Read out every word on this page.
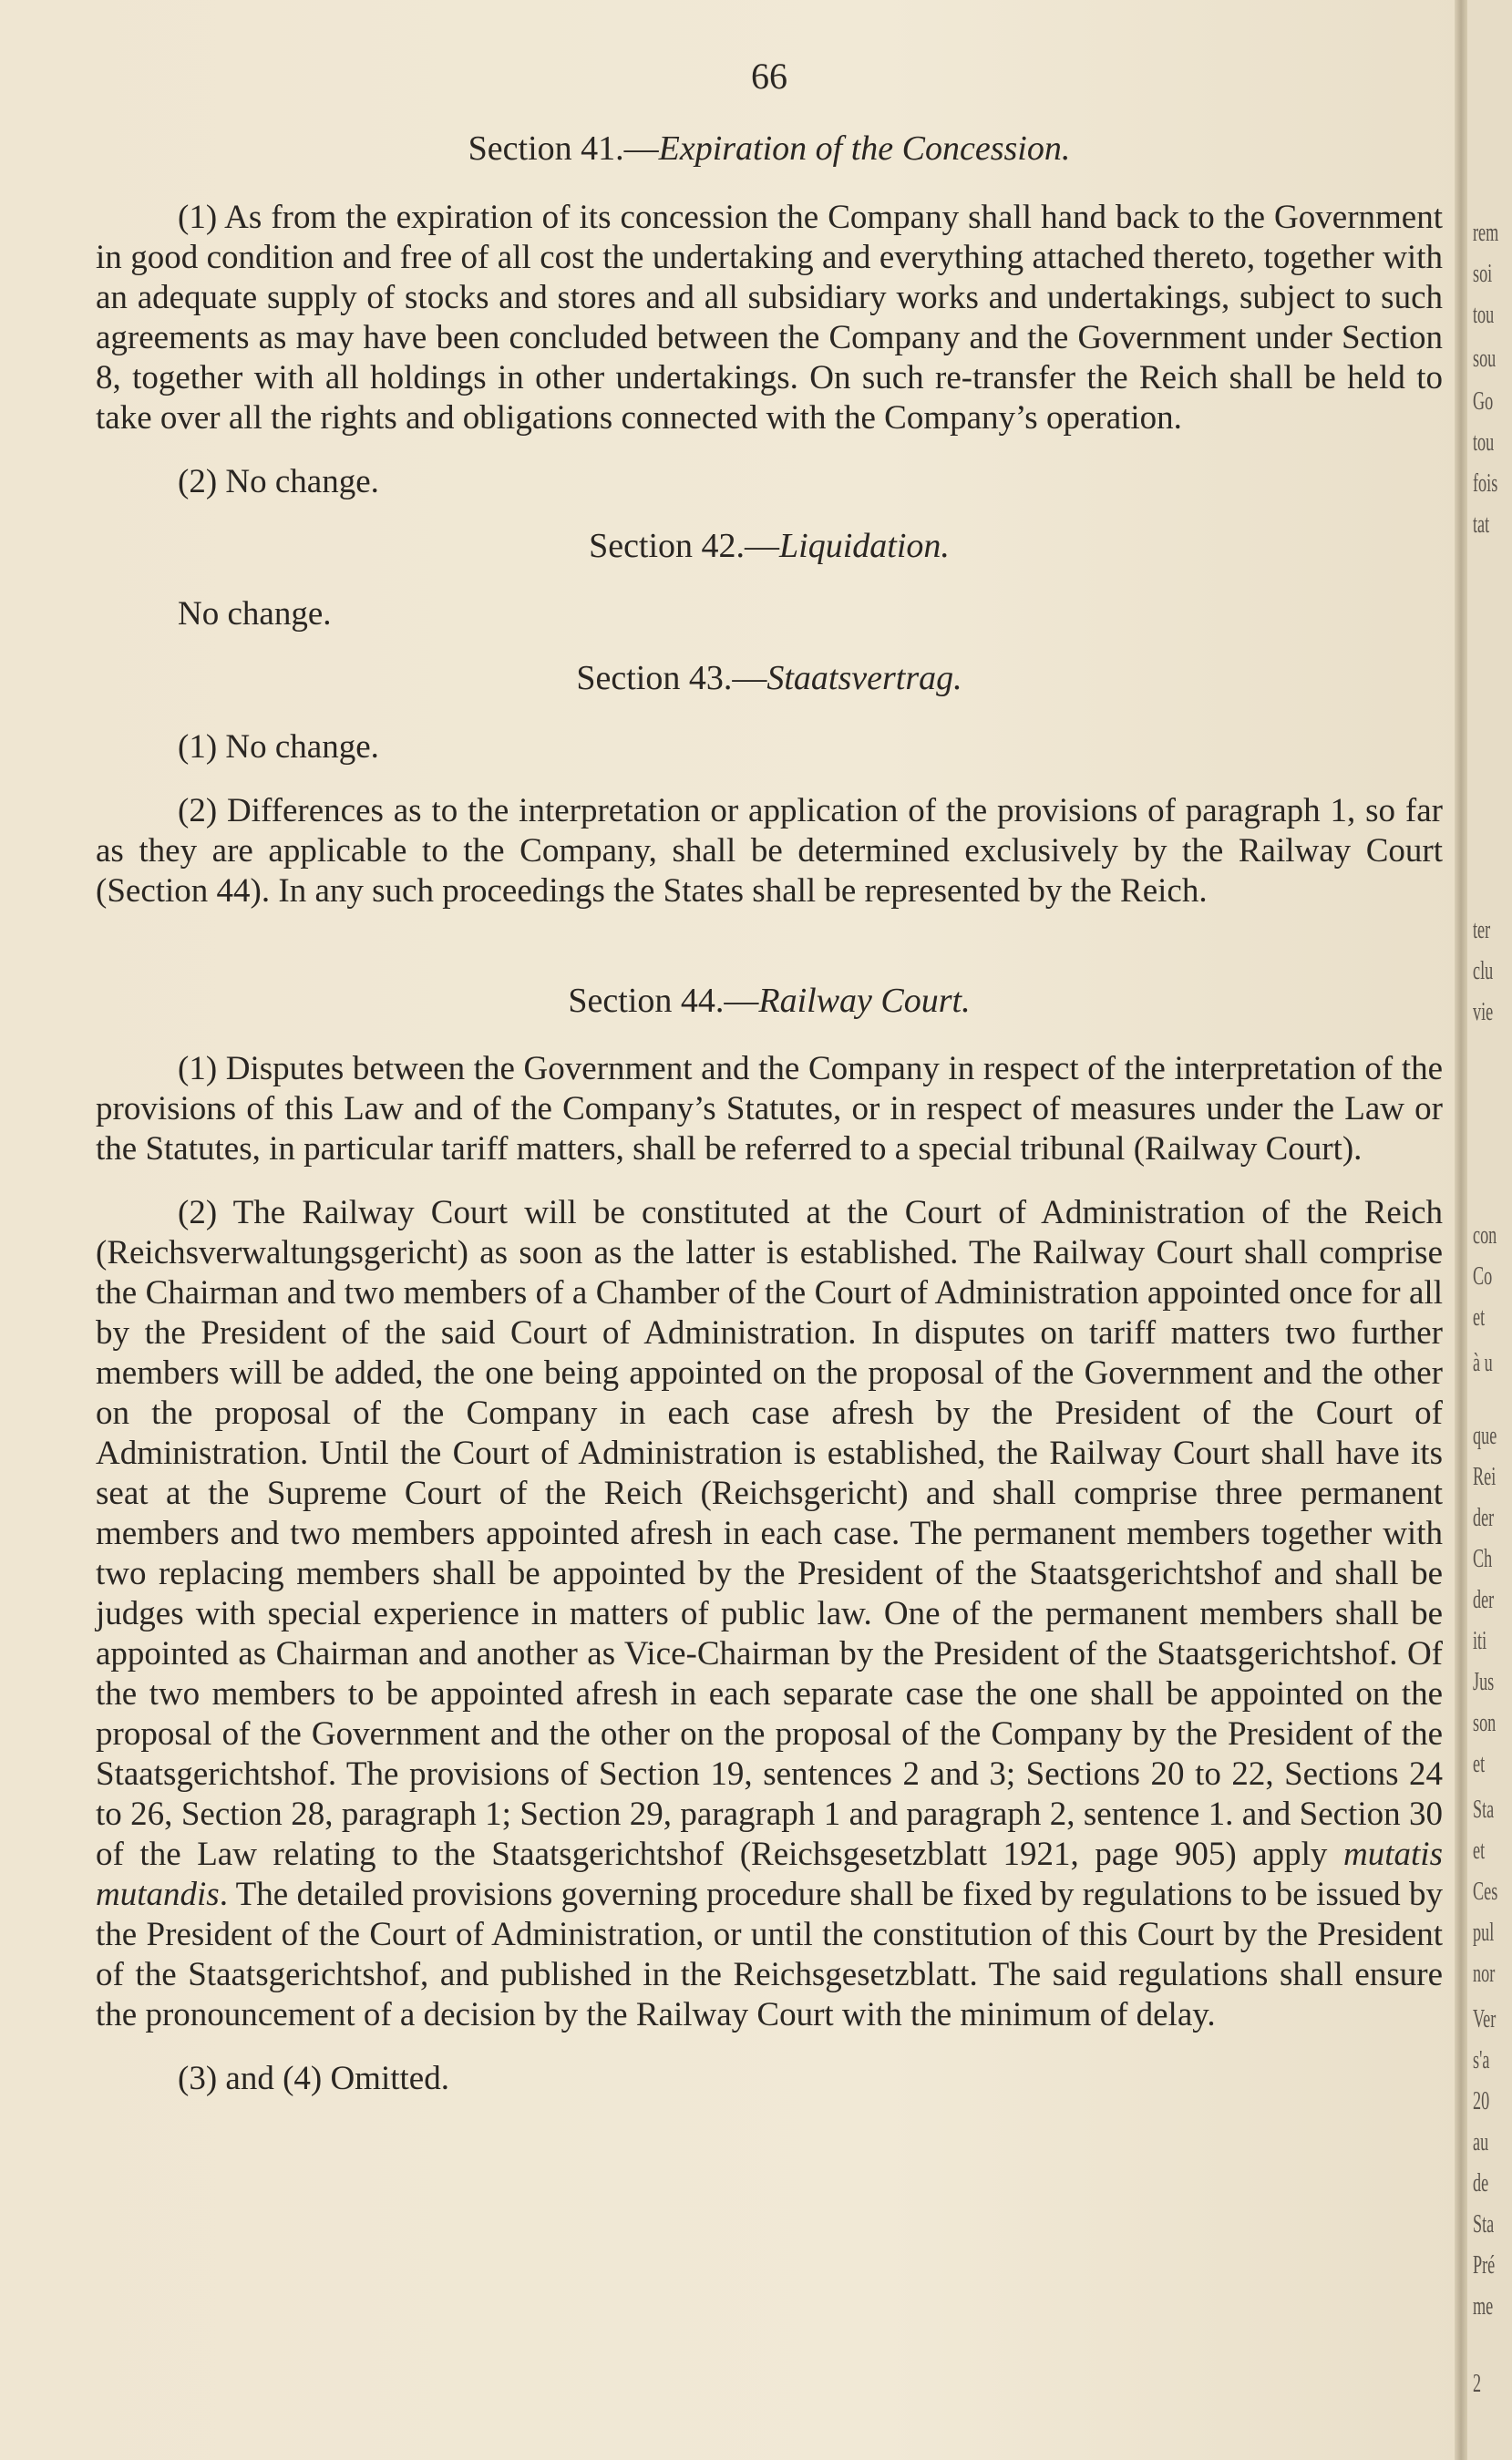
rem
soi
tou
sou
Go
tou
fois
tat
ter
clu
vie
con
Co
et
à u
que
Rei
der
Ch
der
iti
Jus
son
et
Sta
et
Ces
pul
nor
Ver
s'a
20
au
de
Sta
Pré
me
2
66
Section 41.—Expiration of the Concession.

(1) As from the expiration of its concession the Company shall hand back to the Government in good condition and free of all cost the undertaking and everything attached thereto, together with an adequate supply of stocks and stores and all subsidiary works and undertakings, subject to such agreements as may have been concluded between the Company and the Government under Section 8, together with all holdings in other undertakings. On such re-transfer the Reich shall be held to take over all the rights and obligations connected with the Company’s operation.

(2) No change.

Section 42.—Liquidation.

No change.

Section 43.—Staatsvertrag.

(1) No change.

(2) Differences as to the interpretation or application of the provisions of paragraph 1, so far as they are applicable to the Company, shall be determined exclusively by the Railway Court (Section 44). In any such proceedings the States shall be represented by the Reich.

Section 44.—Railway Court.

(1) Disputes between the Government and the Company in respect of the interpretation of the provisions of this Law and of the Company’s Statutes, or in respect of measures under the Law or the Statutes, in particular tariff matters, shall be referred to a special tribunal (Railway Court).

(2) The Railway Court will be constituted at the Court of Administration of the Reich (Reichsverwaltungsgericht) as soon as the latter is established. The Railway Court shall comprise the Chairman and two members of a Chamber of the Court of Administration appointed once for all by the President of the said Court of Administration. In disputes on tariff matters two further members will be added, the one being appointed on the proposal of the Government and the other on the proposal of the Company in each case afresh by the President of the Court of Administration. Until the Court of Administration is established, the Railway Court shall have its seat at the Supreme Court of the Reich (Reichsgericht) and shall comprise three permanent members and two members appointed afresh in each case. The permanent members together with two replacing members shall be appointed by the President of the Staatsgerichtshof and shall be judges with special experience in matters of public law. One of the permanent members shall be appointed as Chairman and another as Vice-Chairman by the President of the Staatsgerichtshof. Of the two members to be appointed afresh in each separate case the one shall be appointed on the proposal of the Government and the other on the proposal of the Company by the President of the Staatsgerichtshof. The provisions of Section 19, sentences 2 and 3; Sections 20 to 22, Sections 24 to 26, Section 28, paragraph 1; Section 29, paragraph 1 and paragraph 2, sentence 1. and Section 30 of the Law relating to the Staatsgerichtshof (Reichsgesetzblatt 1921, page 905) apply mutatis mutandis. The detailed provisions governing procedure shall be fixed by regulations to be issued by the President of the Court of Administration, or until the constitution of this Court by the President of the Staatsgerichtshof, and published in the Reichsgesetzblatt. The said regulations shall ensure the pronouncement of a decision by the Railway Court with the minimum of delay.

(3) and (4) Omitted.
